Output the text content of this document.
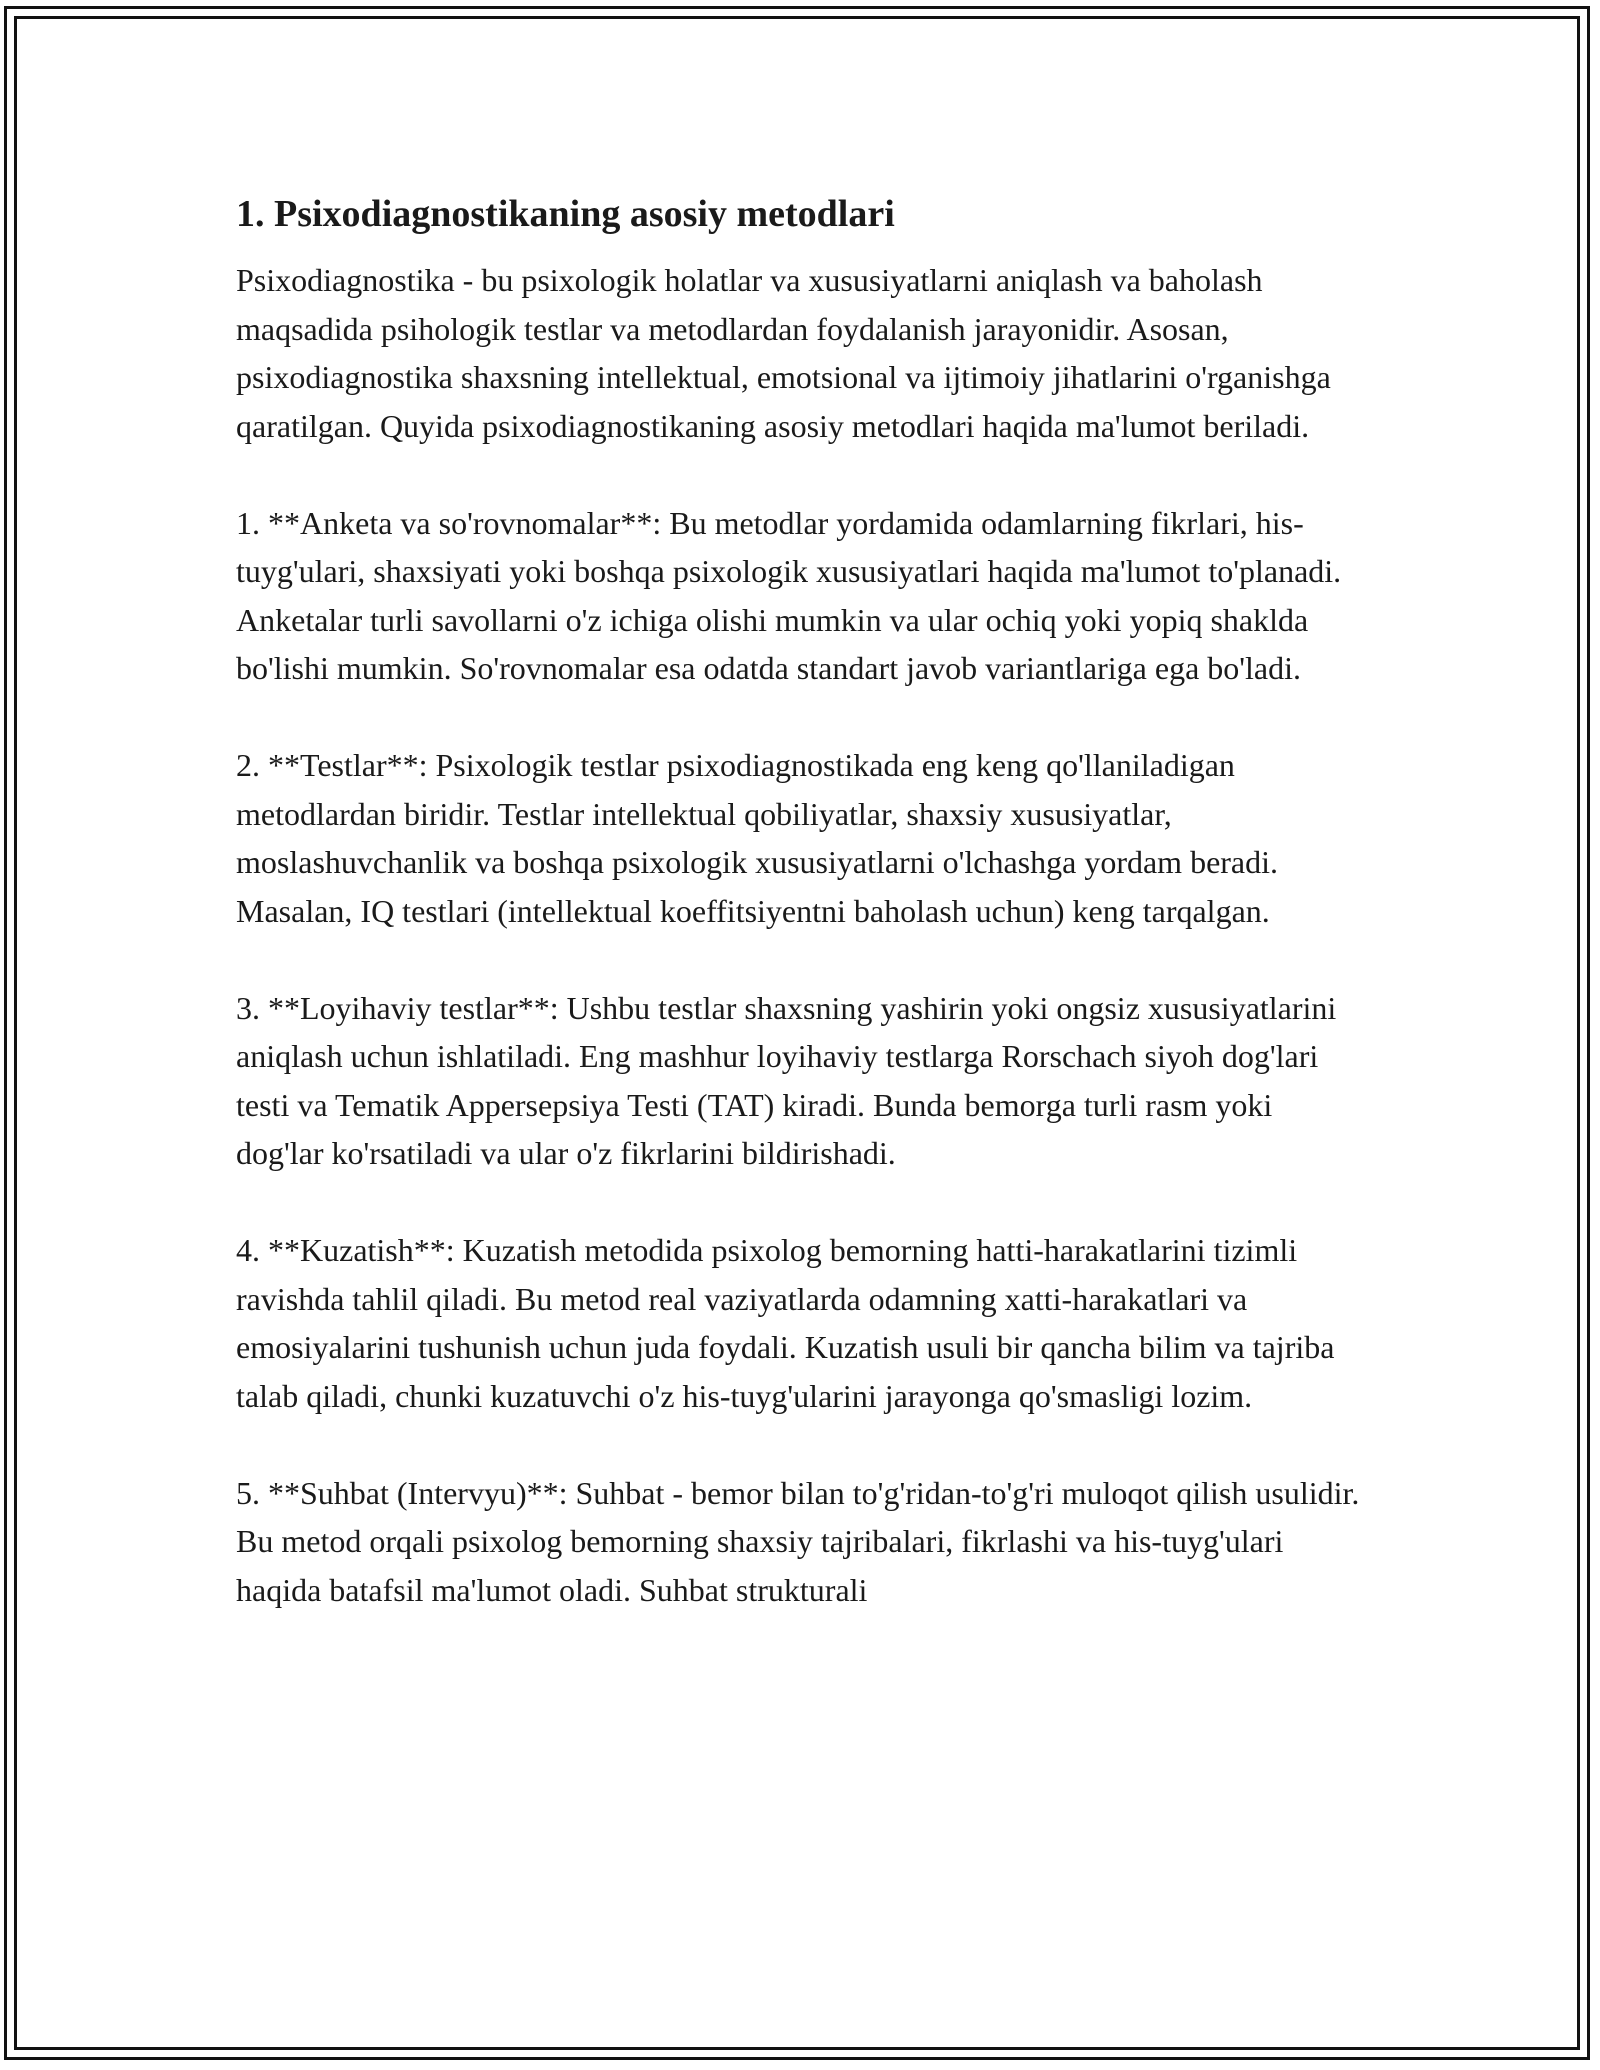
1. Psixodiagnostikaning asosiy metodlari

Psixodiagnostika - bu psixologik holatlar va xususiyatlarni aniqlash va baholash maqsadida psihologik testlar va metodlardan foydalanish jarayonidir. Asosan, psixodiagnostika shaxsning intellektual, emotsional va ijtimoiy jihatlarini o'rganishga qaratilgan. Quyida psixodiagnostikaning asosiy metodlari haqida ma'lumot beriladi.

1. **Anketa va so'rovnomalar**: Bu metodlar yordamida odamlarning fikrlari, his-tuyg'ulari, shaxsiyati yoki boshqa psixologik xususiyatlari haqida ma'lumot to'planadi. Anketalar turli savollarni o'z ichiga olishi mumkin va ular ochiq yoki yopiq shaklda bo'lishi mumkin. So'rovnomalar esa odatda standart javob variantlariga ega bo'ladi.

2. **Testlar**: Psixologik testlar psixodiagnostikada eng keng qo'llaniladigan metodlardan biridir. Testlar intellektual qobiliyatlar, shaxsiy xususiyatlar, moslashuvchanlik va boshqa psixologik xususiyatlarni o'lchashga yordam beradi. Masalan, IQ testlari (intellektual koeffitsiyentni baholash uchun) keng tarqalgan.

3. **Loyihaviy testlar**: Ushbu testlar shaxsning yashirin yoki ongsiz xususiyatlarini aniqlash uchun ishlatiladi. Eng mashhur loyihaviy testlarga Rorschach siyoh dog'lari testi va Tematik Appersepsiya Testi (TAT) kiradi. Bunda bemorga turli rasm yoki dog'lar ko'rsatiladi va ular o'z fikrlarini bildirishadi.

4. **Kuzatish**: Kuzatish metodida psixolog bemorning hatti-harakatlarini tizimli ravishda tahlil qiladi. Bu metod real vaziyatlarda odamning xatti-harakatlari va emosiyalarini tushunish uchun juda foydali. Kuzatish usuli bir qancha bilim va tajriba talab qiladi, chunki kuzatuvchi o'z his-tuyg'ularini jarayonga qo'smasligi lozim.

5. **Suhbat (Intervyu)**: Suhbat - bemor bilan to'g'ridan-to'g'ri muloqot qilish usulidir. Bu metod orqali psixolog bemorning shaxsiy tajribalari, fikrlashi va his-tuyg'ulari haqida batafsil ma'lumot oladi. Suhbat strukturali
